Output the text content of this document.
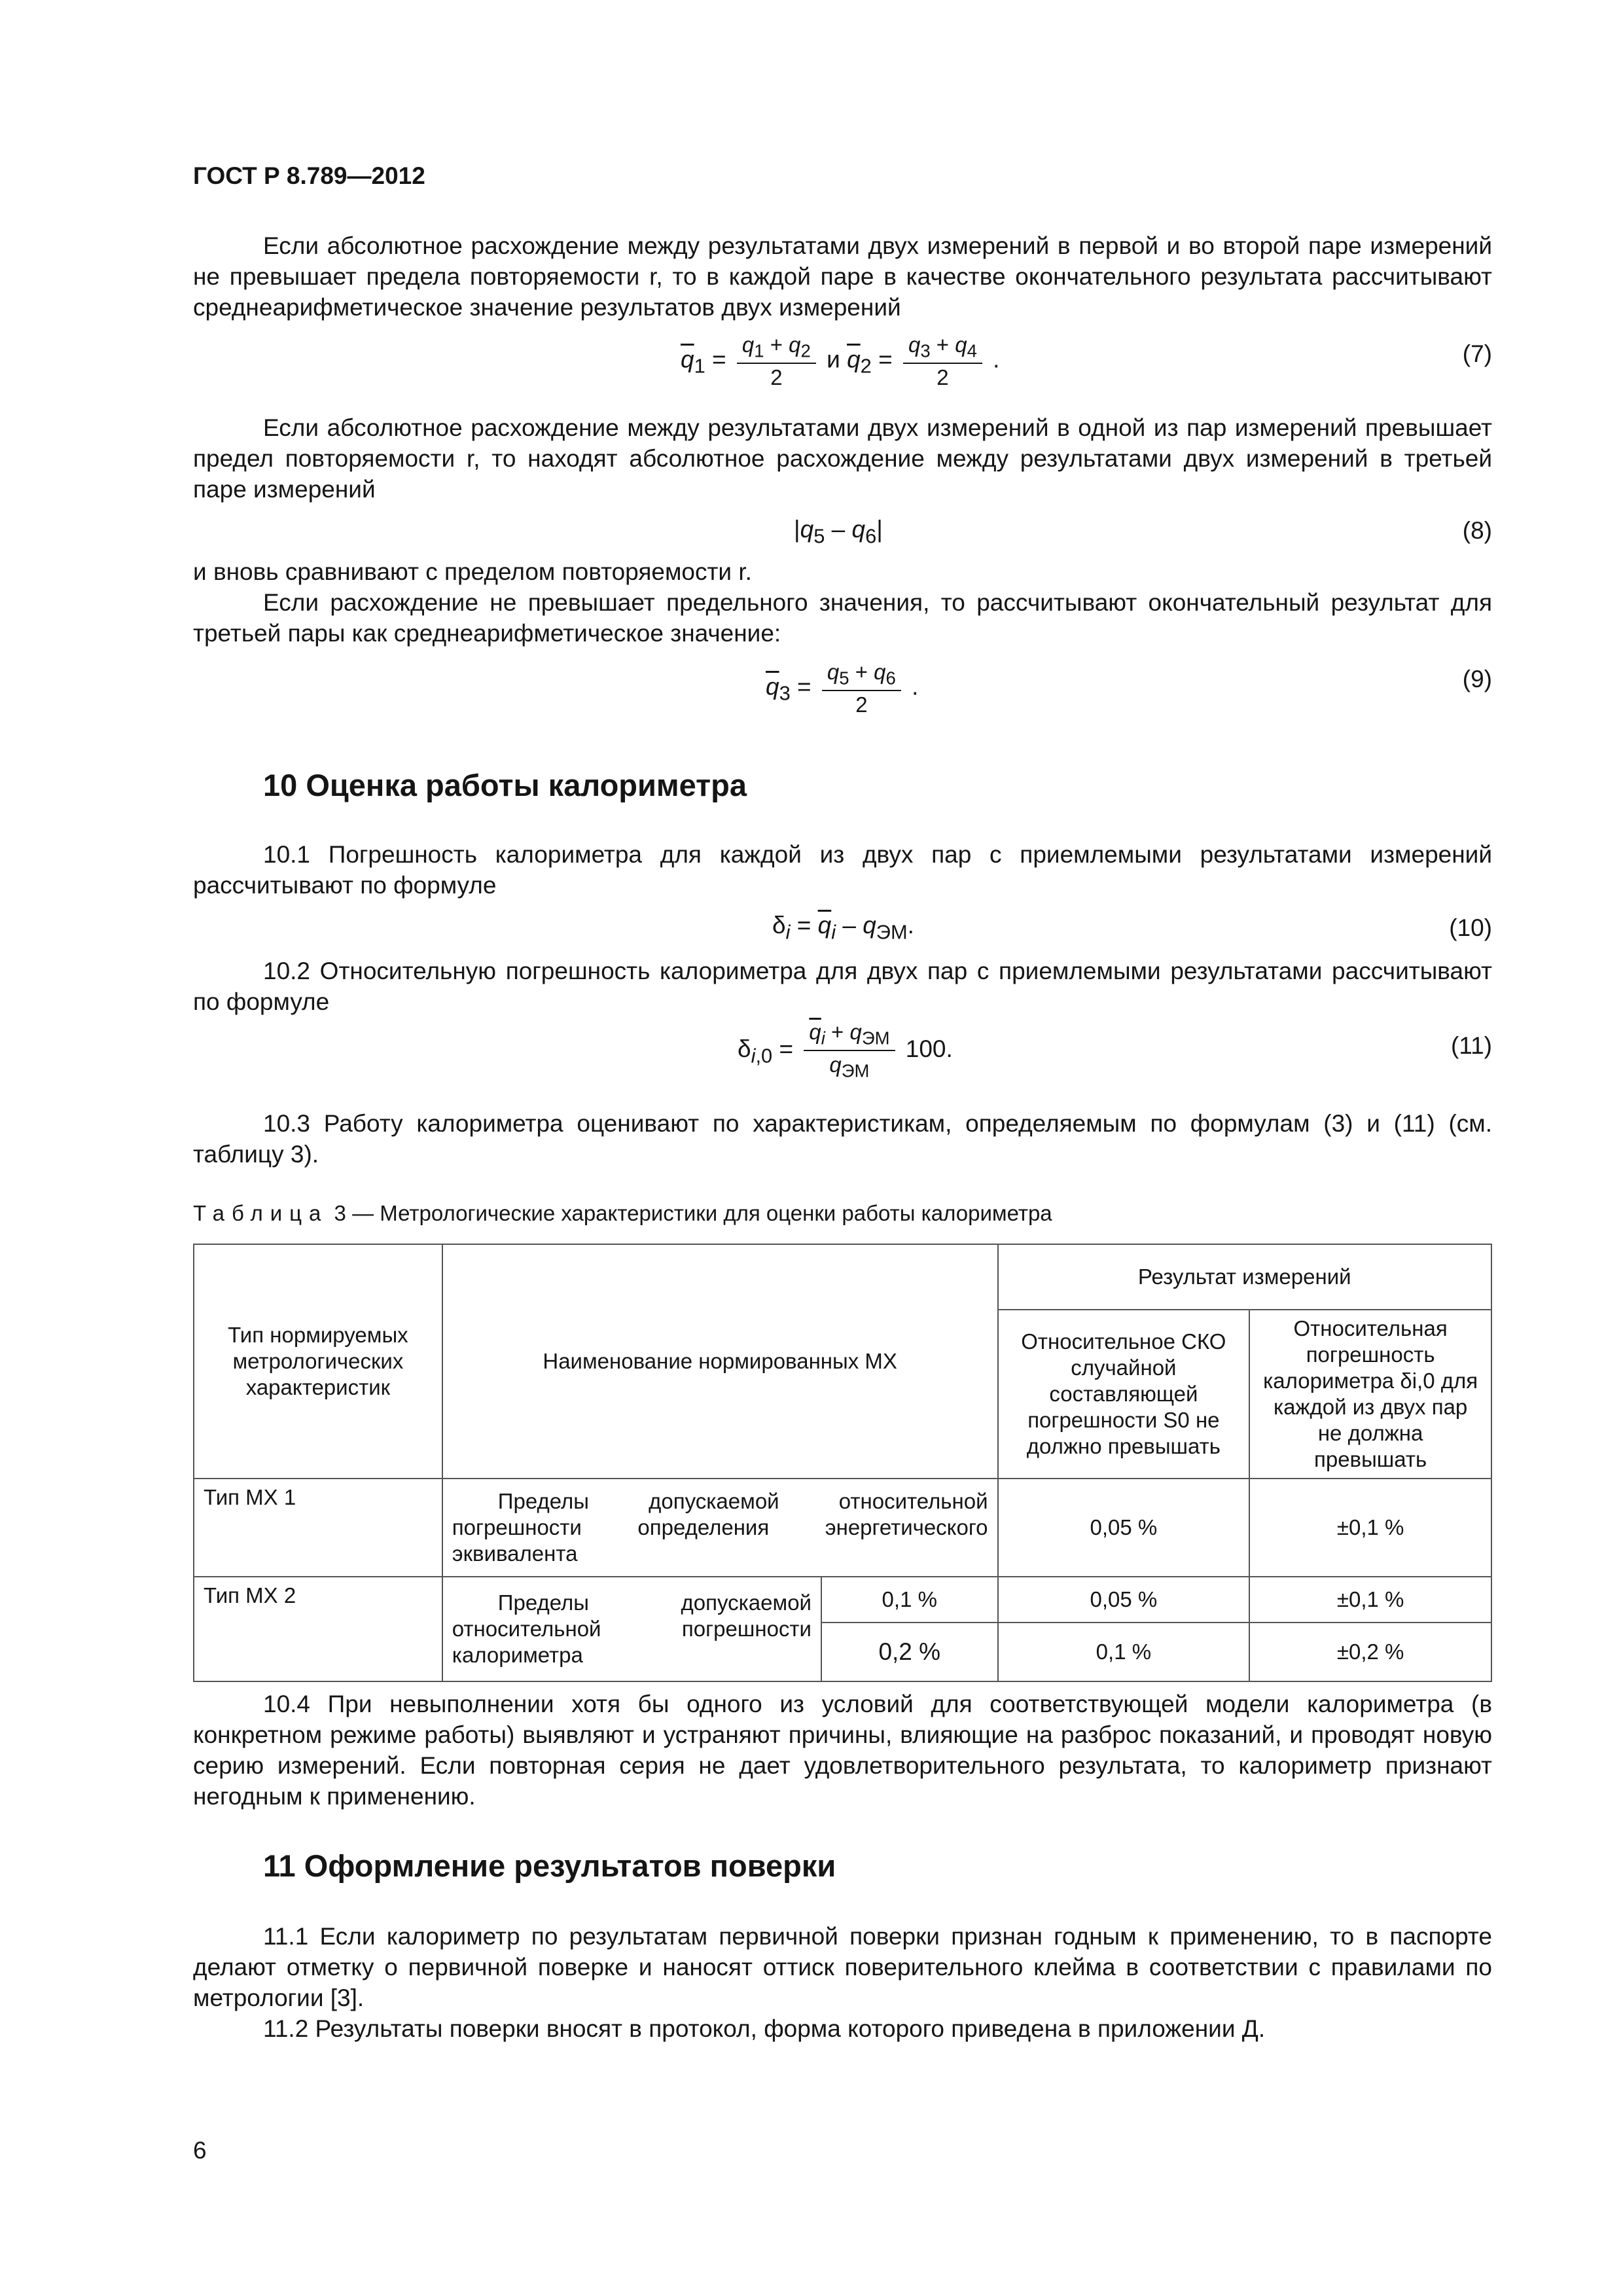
ГОСТ Р 8.789—2012

Если абсолютное расхождение между результатами двух измерений в первой и во второй паре измерений не превышает предела повторяемости r, то в каждой паре в качестве окончательного результата рассчитывают среднеарифметическое значение результатов двух измерений

$\overline{q}_1 = \frac{q_1 + q_2}{2}$ и $\overline{q}_2 = \frac{q_3 + q_4}{2}$ .	(7)

Если абсолютное расхождение между результатами двух измерений в одной из пар измерений превышает предел повторяемости r, то находят абсолютное расхождение между результатами двух измерений в третьей паре измерений

$|q_5 - q_6|$	(8)

и вновь сравнивают с пределом повторяемости r.

Если расхождение не превышает предельного значения, то рассчитывают окончательный результат для третьей пары как среднеарифметическое значение:

$\overline{q}_3 = \frac{q_5 + q_6}{2}$ .	(9)
10 Оценка работы калориметра

10.1 Погрешность калориметра для каждой из двух пар с приемлемыми результатами измерений рассчитывают по формуле

$\delta_i = \overline{q}_i - q_{ЭМ}$.	(10)

10.2 Относительную погрешность калориметра для двух пар с приемлемыми результатами рассчитывают по формуле

$\delta_{i,0} = \frac{\overline{q}_i + q_{ЭМ}}{q_{ЭМ}} 100$.	(11)

10.3 Работу калориметра оценивают по характеристикам, определяемым по формулам (3) и (11) (см. таблицу 3).

Таблица 3 — Метрологические характеристики для оценки работы калориметра
Тип нормируемых метрологических характеристик	Наименование нормированных МХ		Результат измерений	
			Относительное СКО случайной составляющей погрешности S0 не должно превышать	Относительная погрешность калориметра δi,0 для каждой из двух пар не должна превышать
Тип МХ 1	Пределы допускаемой относительной погрешности определения энергетического эквивалента		0,05 %	±0,1 %
Тип МХ 2	Пределы допускаемой относительной погрешности калориметра	0,1 %	0,05 %	±0,1 %
		0,2 %	0,1 %	±0,2 %

10.4 При невыполнении хотя бы одного из условий для соответствующей модели калориметра (в конкретном режиме работы) выявляют и устраняют причины, влияющие на разброс показаний, и проводят новую серию измерений. Если повторная серия не дает удовлетворительного результата, то калориметр признают негодным к применению.

11 Оформление результатов поверки

11.1 Если калориметр по результатам первичной поверки признан годным к применению, то в паспорте делают отметку о первичной поверке и наносят оттиск поверительного клейма в соответствии с правилами по метрологии [3].

11.2 Результаты поверки вносят в протокол, форма которого приведена в приложении Д.

6
